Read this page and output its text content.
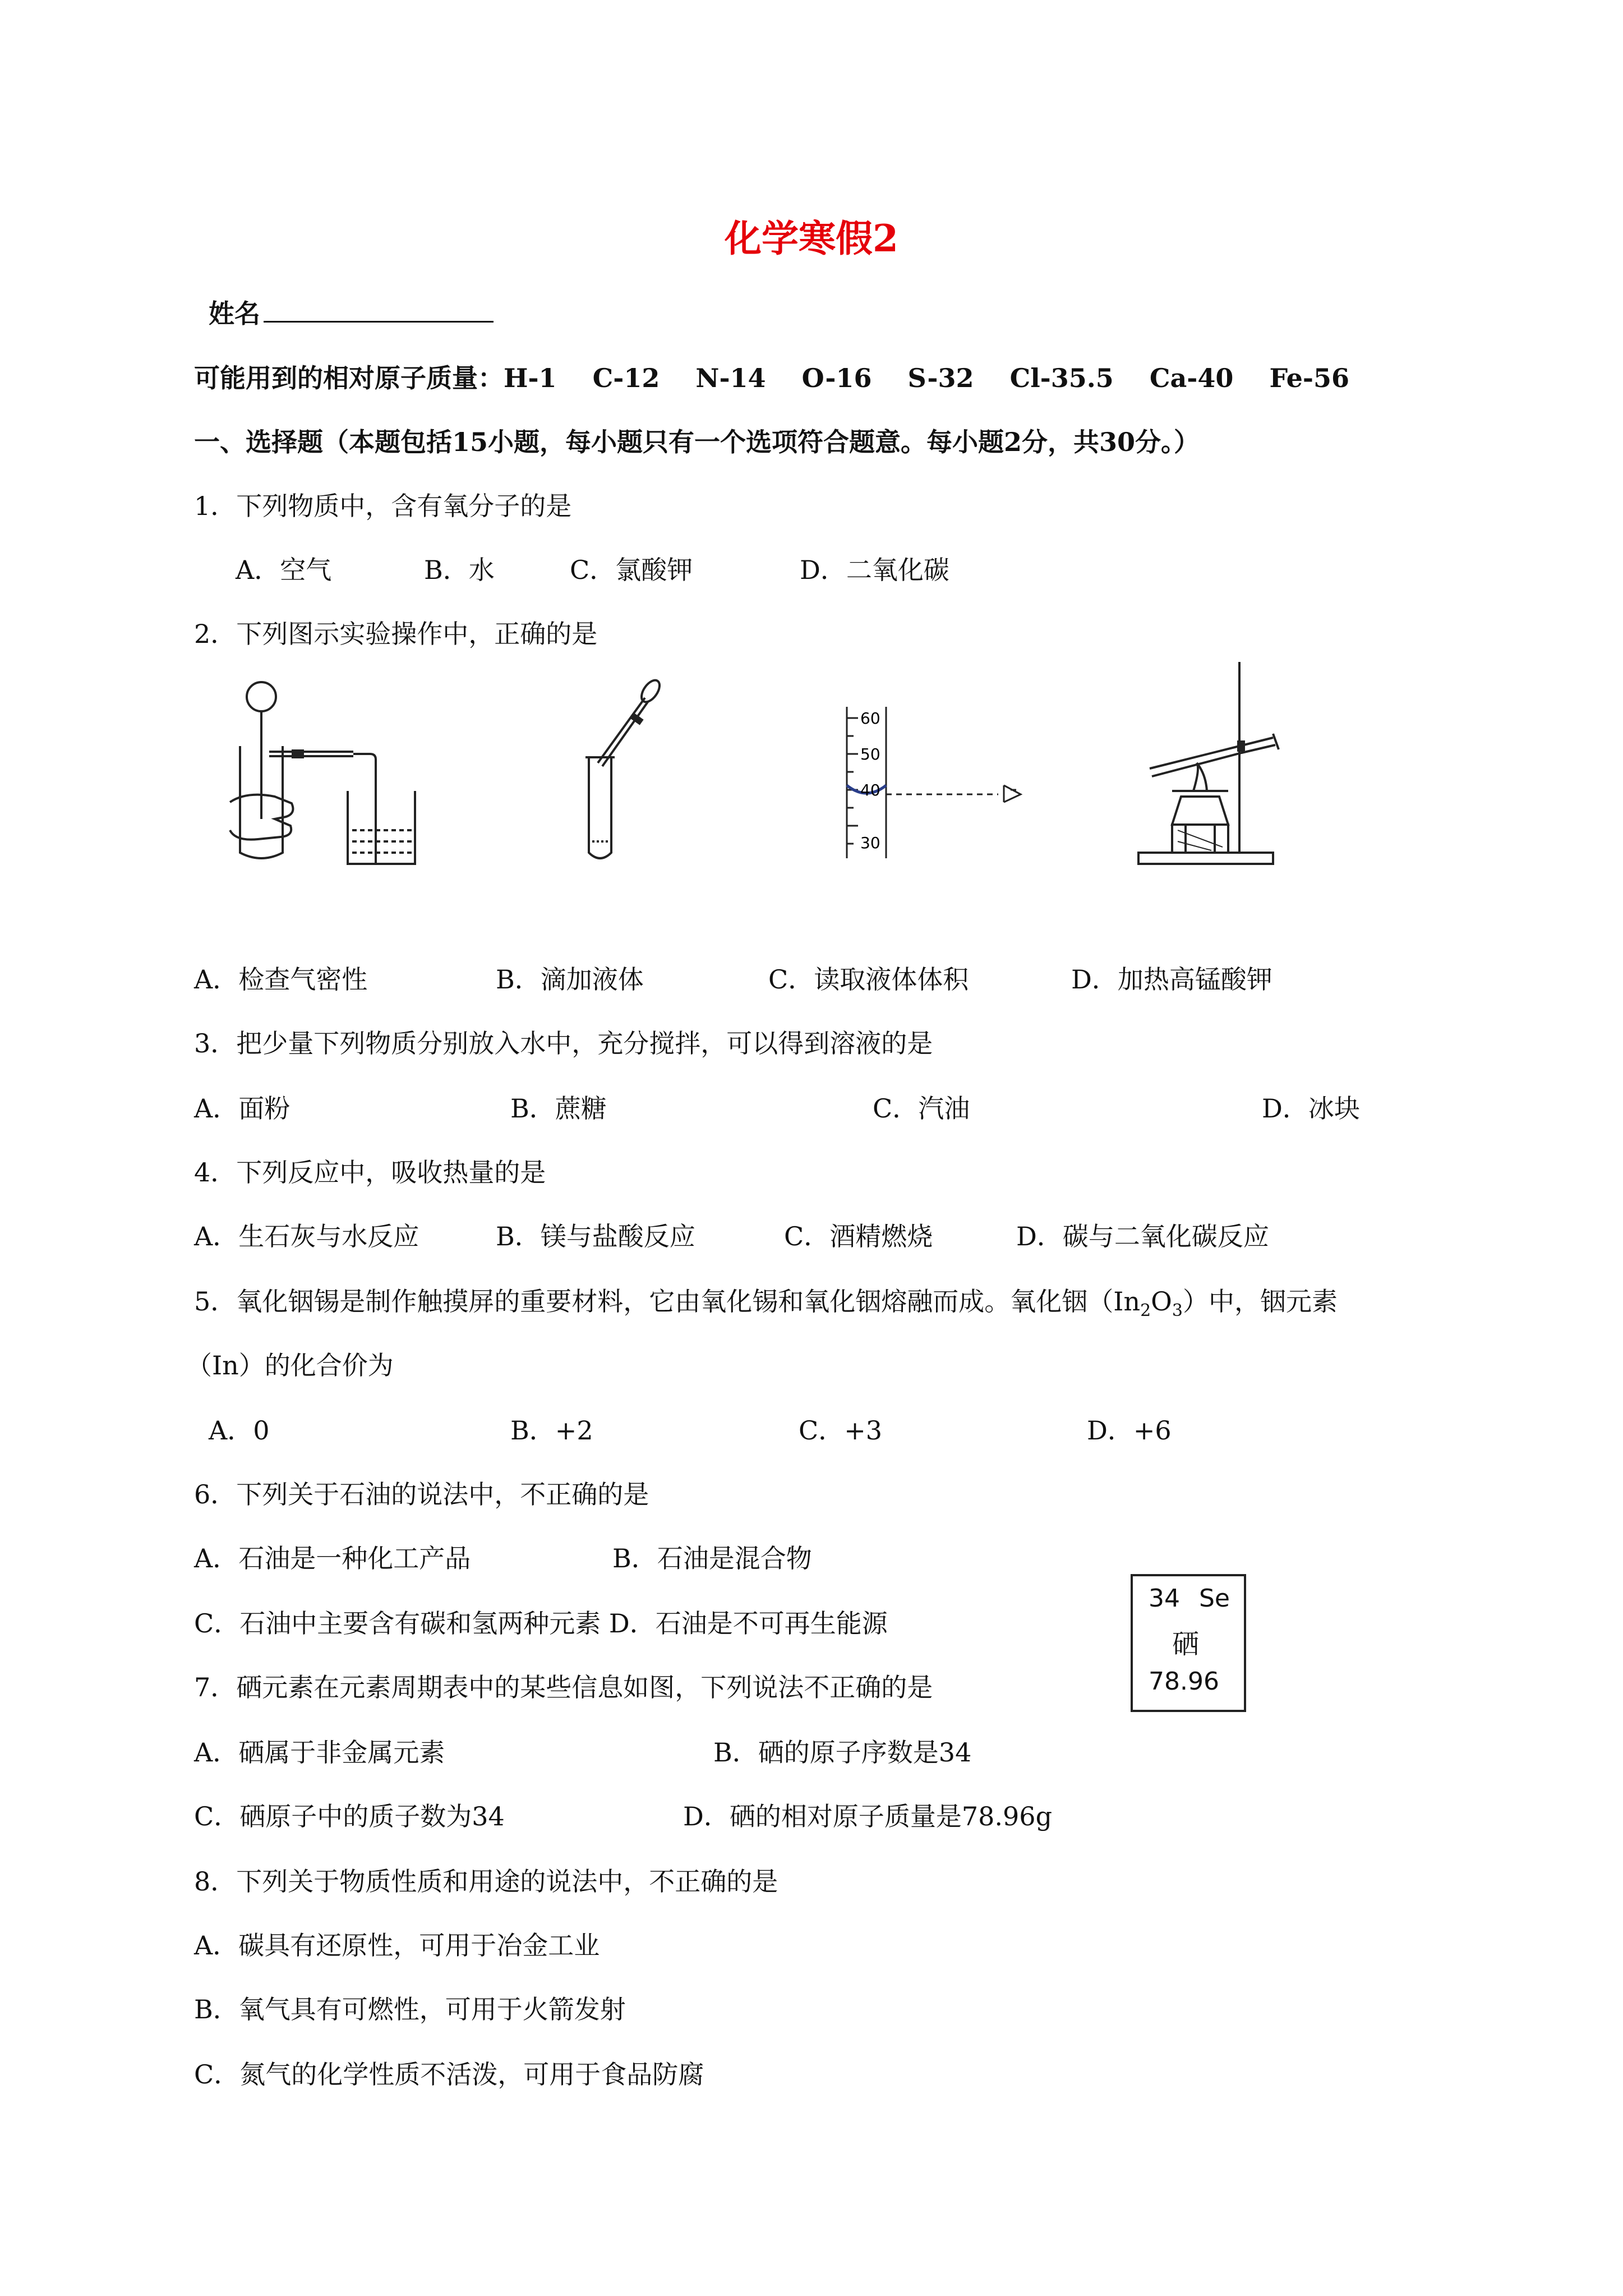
化学寒假2
姓名
可能用到的相对原子质量：H-1    C-12    N-14    O-16    S-32    Cl-35.5    Ca-40    Fe-56
一、选择题（本题包括15小题，每小题只有一个选项符合题意。每小题2分，共30分。）
1．下列物质中，含有氧分子的是
A．空气	B．水	C．氯酸钾	D．二氧化碳
2．下列图示实验操作中，正确的是
60
50
40
30
A．检查气密性	B．滴加液体	C．读取液体体积	D．加热高锰酸钾
3．把少量下列物质分别放入水中，充分搅拌，可以得到溶液的是
A．面粉	B．蔗糖	C．汽油	D．冰块
4．下列反应中，吸收热量的是
A．生石灰与水反应	B．镁与盐酸反应	C．酒精燃烧	D．碳与二氧化碳反应
5．氧化铟锡是制作触摸屏的重要材料，它由氧化锡和氧化铟熔融而成。氧化铟$(In_2O_3)$中，铟元素
（In）的化合价为
A．0	B．+2	C．+3	D．+6
6．下列关于石油的说法中，不正确的是
A．石油是一种化工产品	B．石油是混合物
C．石油中主要含有碳和氢两种元素 D．石油是不可再生能源
34 Se
硒
78.96
7．硒元素在元素周期表中的某些信息如图，下列说法不正确的是
A．硒属于非金属元素	B．硒的原子序数是34
C．硒原子中的质子数为34	D．硒的相对原子质量是78.96g
8．下列关于物质性质和用途的说法中，不正确的是
A．碳具有还原性，可用于冶金工业
B．氧气具有可燃性，可用于火箭发射
C．氮气的化学性质不活泼，可用于食品防腐
